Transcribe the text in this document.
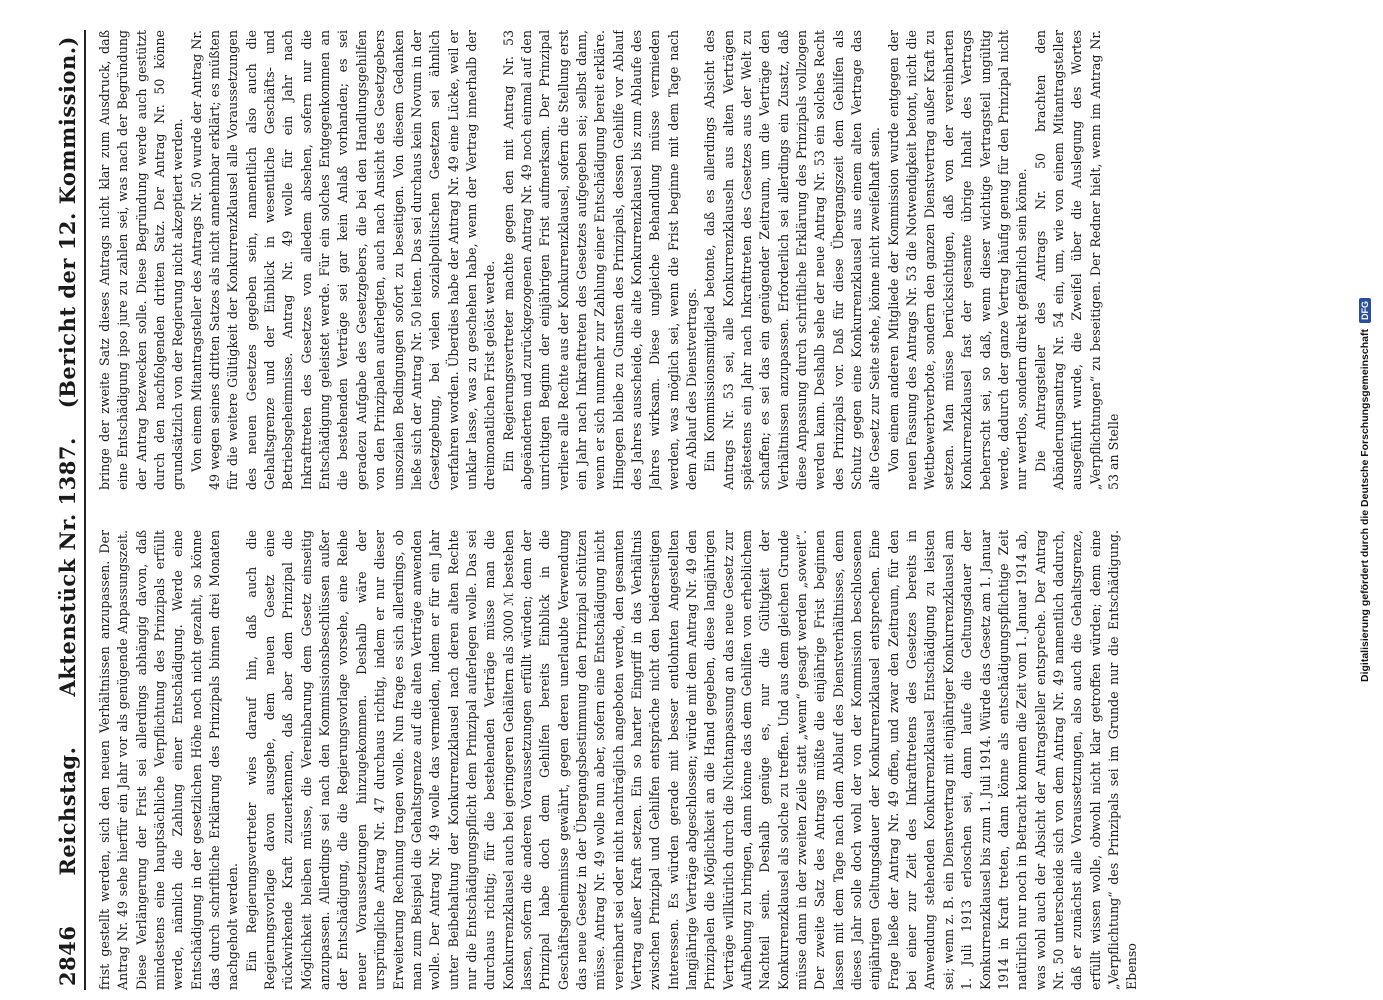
2846
Reichstag.
Aktenstück Nr. 1387.
(Bericht der 12. Kommission.)

frist gestellt werden, sich den neuen Verhältnissen anzupassen. Der Antrag Nr. 49 sehe hierfür ein Jahr vor als genügende Anpassungszeit. Diese Verlängerung der Frist sei allerdings abhängig davon, daß mindestens eine hauptsächliche Verpflichtung des Prinzipals erfüllt werde, nämlich die Zahlung einer Entschädigung. Werde eine Entschädigung in der gesetzlichen Höhe noch nicht gezahlt, so könne das durch schriftliche Erklärung des Prinzipals binnen drei Monaten nachgeholt werden. Ein Regierungsvertreter wies darauf hin, daß auch die Regierungsvorlage davon ausgehe, dem neuen Gesetz eine rückwirkende Kraft zuzuerkennen, daß aber dem Prinzipal die Möglichkeit bleiben müsse, die Vereinbarung dem Gesetz einseitig anzupassen. Allerdings sei nach den Kommissionsbeschlüssen außer der Entschädigung, die die Regierungsvorlage vorsehe, eine Reihe neuer Voraussetzungen hinzugekommen. Deshalb wäre der ursprüngliche Antrag Nr. 47 durchaus richtig, indem er nur dieser Erweiterung Rechnung tragen wolle. Nun frage es sich allerdings, ob man zum Beispiel die Gehaltsgrenze auf die alten Verträge anwenden wolle. Der Antrag Nr. 49 wolle das vermeiden, indem er für ein Jahr unter Beibehaltung der Konkurrenzklausel nach deren alten Rechte nur die Entschädigungspflicht dem Prinzipal auferlegen wolle. Das sei durchaus richtig; für die bestehenden Verträge müsse man die Konkurrenzklausel auch bei geringeren Gehältern als 3000 ℳ bestehen lassen, sofern die anderen Voraussetzungen erfüllt würden; denn der Prinzipal habe doch dem Gehilfen bereits Einblick in die Geschäftsgeheimnisse gewährt, gegen deren unerlaubte Verwendung das neue Gesetz in der Übergangsbestimmung den Prinzipal schützen müsse. Antrag Nr. 49 wolle nun aber, sofern eine Entschädigung nicht vereinbart sei oder nicht nachträglich angeboten werde, den gesamten Vertrag außer Kraft setzen. Ein so harter Eingriff in das Verhältnis zwischen Prinzipal und Gehilfen entspräche nicht den beiderseitigen Interessen. Es würden gerade mit besser entlohnten Angestellten langjährige Verträge abgeschlossen; würde mit dem Antrag Nr. 49 den Prinzipalen die Möglichkeit an die Hand gegeben, diese langjährigen Verträge willkürlich durch die Nichtanpassung an das neue Gesetz zur Aufhebung zu bringen, dann könne das dem Gehilfen von erheblichem Nachteil sein. Deshalb genüge es, nur die Gültigkeit der Konkurrenzklausel als solche zu treffen. Und aus dem gleichen Grunde müsse dann in der zweiten Zeile statt „wenn“ gesagt werden „soweit“. Der zweite Satz des Antrags müßte die einjährige Frist beginnen lassen mit dem Tage nach dem Ablauf des Dienstverhältnisses, denn dieses Jahr solle doch wohl der von der Kommission beschlossenen einjährigen Geltungsdauer der Konkurrenzklausel entsprechen. Eine Frage ließe der Antrag Nr. 49 offen, und zwar den Zeitraum, für den bei einer zur Zeit des Inkrafttretens des Gesetzes bereits in Anwendung stehenden Konkurrenzklausel Entschädigung zu leisten sei; wenn z. B. ein Dienstvertrag mit einjähriger Konkurrenzklausel am 1. Juli 1913 erloschen sei, dann laufe die Geltungsdauer der Konkurrenzklausel bis zum 1. Juli 1914. Würde das Gesetz am 1. Januar 1914 in Kraft treten, dann könne als entschädigungspflichtige Zeit natürlich nur noch in Betracht kommen die Zeit vom 1. Januar 1914 ab, was wohl auch der Absicht der Antragsteller entspreche. Der Antrag Nr. 50 unterscheide sich von dem Antrag Nr. 49 namentlich dadurch, daß er zunächst alle Voraussetzungen, also auch die Gehaltsgrenze, erfüllt wissen wolle, obwohl nicht klar getroffen würden; denn eine „Verpflichtung“ des Prinzipals sei im Grunde nur die Entschädigung. Ebenso

bringe der zweite Satz dieses Antrags nicht klar zum Ausdruck, daß eine Entschädigung ipso jure zu zahlen sei, was nach der Begründung der Antrag bezwecken solle. Diese Begründung werde auch gestützt durch den nachfolgenden dritten Satz. Der Antrag Nr. 50 könne grundsätzlich von der Regierung nicht akzeptiert werden. Von einem Mitantragsteller des Antrags Nr. 50 wurde der Antrag Nr. 49 wegen seines dritten Satzes als nicht annehmbar erklärt; es müßten für die weitere Gültigkeit der Konkurrenzklausel alle Voraussetzungen des neuen Gesetzes gegeben sein, namentlich also auch die Gehaltsgrenze und der Einblick in wesentliche Geschäfts- und Betriebsgeheimnisse. Antrag Nr. 49 wolle für ein Jahr nach Inkrafttreten des Gesetzes von alledem absehen, sofern nur die Entschädigung geleistet werde. Für ein solches Entgegenkommen an die bestehenden Verträge sei gar kein Anlaß vorhanden; es sei geradezu Aufgabe des Gesetzgebers, die bei den Handlungsgehilfen von den Prinzipalen auferlegten, auch nach Ansicht des Gesetzgebers unsozialen Bedingungen sofort zu beseitigen. Von diesem Gedanken ließe sich der Antrag Nr. 50 leiten. Das sei durchaus kein Novum in der Gesetzgebung, bei vielen sozialpolitischen Gesetzen sei ähnlich verfahren worden. Überdies habe der Antrag Nr. 49 eine Lücke, weil er unklar lasse, was zu geschehen habe, wenn der Vertrag innerhalb der dreimonatlichen Frist gelöst werde. Ein Regierungsvertreter machte gegen den mit Antrag Nr. 53 abgeänderten und zurückgezogenen Antrag Nr. 49 noch einmal auf den unrichtigen Beginn der einjährigen Frist aufmerksam. Der Prinzipal verliere alle Rechte aus der Konkurrenzklausel, sofern die Stellung erst ein Jahr nach Inkrafttreten des Gesetzes aufgegeben sei; selbst dann, wenn er sich nunmehr zur Zahlung einer Entschädigung bereit erkläre. Hingegen bleibe zu Gunsten des Prinzipals, dessen Gehilfe vor Ablauf des Jahres ausscheide, die alte Konkurrenzklausel bis zum Ablaufe des Jahres wirksam. Diese ungleiche Behandlung müsse vermieden werden, was möglich sei, wenn die Frist beginne mit dem Tage nach dem Ablauf des Dienstvertrags. Ein Kommissionsmitglied betonte, daß es allerdings Absicht des Antrags Nr. 53 sei, alle Konkurrenzklauseln aus alten Verträgen spätestens ein Jahr nach Inkrafttreten des Gesetzes aus der Welt zu schaffen; es sei das ein genügender Zeitraum, um die Verträge den Verhältnissen anzupassen. Erforderlich sei allerdings ein Zusatz, daß diese Anpassung durch schriftliche Erklärung des Prinzipals vollzogen werden kann. Deshalb sehe der neue Antrag Nr. 53 ein solches Recht des Prinzipals vor. Daß für diese Übergangszeit dem Gehilfen als Schutz gegen eine Konkurrenzklausel aus einem alten Vertrage das alte Gesetz zur Seite stehe, könne nicht zweifelhaft sein. Von einem anderen Mitgliede der Kommission wurde entgegen der neuen Fassung des Antrags Nr. 53 die Notwendigkeit betont, nicht die Wettbewerbverbote, sondern den ganzen Dienstvertrag außer Kraft zu setzen. Man müsse berücksichtigen, daß von der vereinbarten Konkurrenzklausel fast der gesamte übrige Inhalt des Vertrags beherrscht sei, so daß, wenn dieser wichtige Vertragsteil ungültig werde, dadurch der ganze Vertrag häufig genug für den Prinzipal nicht nur wertlos, sondern direkt gefährlich sein könne. Die Antragsteller des Antrags Nr. 50 brachten den Abänderungsantrag Nr. 54 ein, um, wie von einem Mitantragsteller ausgeführt wurde, die Zweifel über die Auslegung des Wortes „Verpflichtungen“ zu beseitigen. Der Redner hielt, wenn im Antrag Nr. 53 an Stelle	Digitalisierung gefördert durch die Deutsche Forschungsgemeinschaft
DFG
